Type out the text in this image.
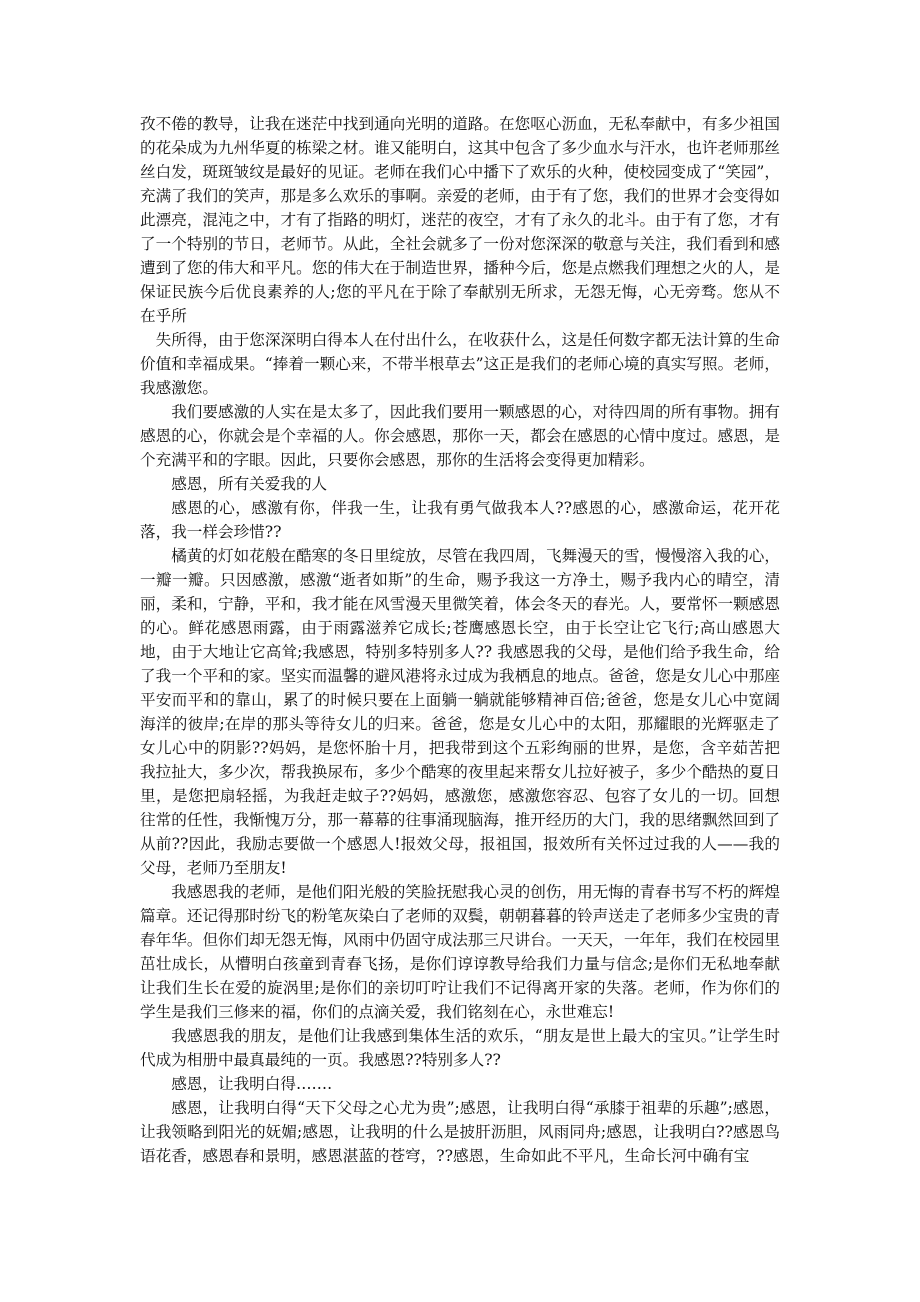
孜不倦的教导，让我在迷茫中找到通向光明的道路。在您呕心沥血，无私奉献中，有多少祖国的花朵成为九州华夏的栋梁之材。谁又能明白，这其中包含了多少血水与汗水，也许老师那丝丝白发，斑斑皱纹是最好的见证。老师在我们心中播下了欢乐的火种，使校园变成了“笑园”，充满了我们的笑声，那是多么欢乐的事啊。亲爱的老师，由于有了您，我们的世界才会变得如此漂亮，混沌之中，才有了指路的明灯，迷茫的夜空，才有了永久的北斗。由于有了您，才有了一个特别的节日，老师节。从此，全社会就多了一份对您深深的敬意与关注，我们看到和感遭到了您的伟大和平凡。您的伟大在于制造世界，播种今后，您是点燃我们理想之火的人，是保证民族今后优良素养的人;您的平凡在于除了奉献别无所求，无怨无悔，心无旁骛。您从不在乎所

失所得，由于您深深明白得本人在付出什么，在收获什么，这是任何数字都无法计算的生命价值和幸福成果。“捧着一颗心来，不带半根草去”这正是我们的老师心境的真实写照。老师，我感激您。

我们要感激的人实在是太多了，因此我们要用一颗感恩的心，对待四周的所有事物。拥有感恩的心，你就会是个幸福的人。你会感恩，那你一天，都会在感恩的心情中度过。感恩，是个充满平和的字眼。因此，只要你会感恩，那你的生活将会变得更加精彩。

感恩，所有关爱我的人

感恩的心，感激有你，伴我一生，让我有勇气做我本人??感恩的心，感激命运，花开花落，我一样会珍惜??

橘黄的灯如花般在酷寒的冬日里绽放，尽管在我四周，飞舞漫天的雪，慢慢溶入我的心，一瓣一瓣。只因感激，感激“逝者如斯”的生命，赐予我这一方净土，赐予我内心的晴空，清丽，柔和，宁静，平和，我才能在风雪漫天里微笑着，体会冬天的春光。人，要常怀一颗感恩的心。鲜花感恩雨露，由于雨露滋养它成长;苍鹰感恩长空，由于长空让它飞行;高山感恩大地，由于大地让它高耸;我感恩，特别多特别多人?? 我感恩我的父母，是他们给予我生命，给了我一个平和的家。坚实而温馨的避风港将永过成为我栖息的地点。爸爸，您是女儿心中那座平安而平和的靠山，累了的时候只要在上面躺一躺就能够精神百倍;爸爸，您是女儿心中宽阔海洋的彼岸;在岸的那头等待女儿的归来。爸爸，您是女儿心中的太阳，那耀眼的光辉驱走了女儿心中的阴影??妈妈，是您怀胎十月，把我带到这个五彩绚丽的世界，是您，含辛茹苦把我拉扯大，多少次，帮我换尿布，多少个酷寒的夜里起来帮女儿拉好被子，多少个酷热的夏日里，是您把扇轻摇，为我赶走蚊子??妈妈，感激您，感激您容忍、包容了女儿的一切。回想往常的任性，我惭愧万分，那一幕幕的往事涌现脑海，推开经历的大门，我的思绪飘然回到了从前??因此，我励志要做一个感恩人!报效父母，报祖国，报效所有关怀过过我的人——我的父母，老师乃至朋友!

我感恩我的老师，是他们阳光般的笑脸抚慰我心灵的创伤，用无悔的青春书写不朽的辉煌篇章。还记得那时纷飞的粉笔灰染白了老师的双鬓，朝朝暮暮的铃声送走了老师多少宝贵的青春年华。但你们却无怨无悔，风雨中仍固守成法那三尺讲台。一天天，一年年，我们在校园里茁壮成长，从懵明白孩童到青春飞扬，是你们谆谆教导给我们力量与信念;是你们无私地奉献让我们生长在爱的旋涡里;是你们的亲切叮咛让我们不记得离开家的失落。老师，作为你们的学生是我们三修来的福，你们的点滴关爱，我们铭刻在心，永世难忘!

我感恩我的朋友，是他们让我感到集体生活的欢乐，“朋友是世上最大的宝贝。”让学生时代成为相册中最真最纯的一页。我感恩??特别多人??

感恩，让我明白得…….

感恩，让我明白得“天下父母之心尤为贵”;感恩，让我明白得“承膝于祖辈的乐趣”;感恩，让我领略到阳光的妩媚;感恩，让我明的什么是披肝沥胆，风雨同舟;感恩，让我明白??感恩鸟语花香，感恩春和景明，感恩湛蓝的苍穹，??感恩，生命如此不平凡，生命长河中确有宝
